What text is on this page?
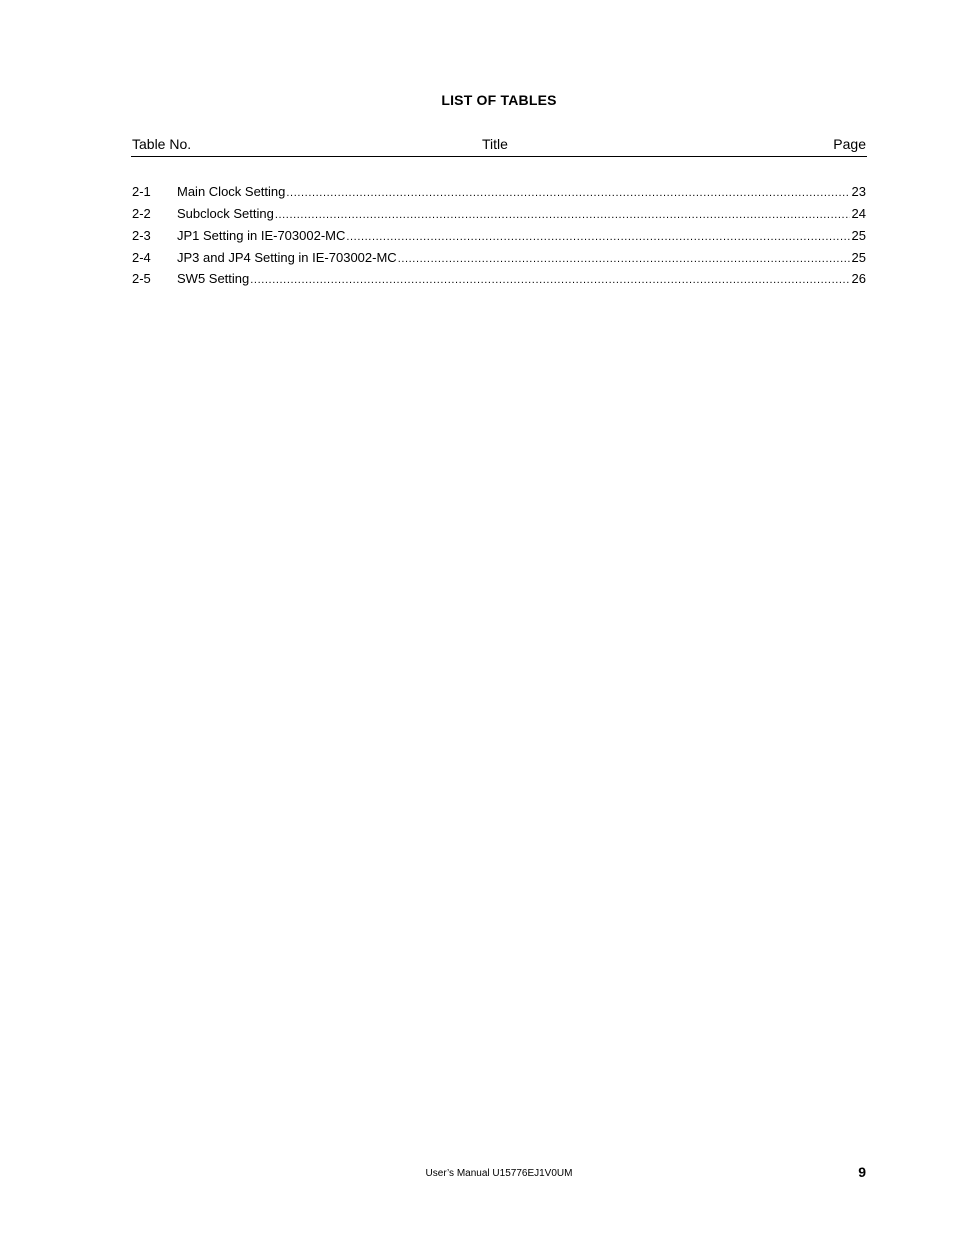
LIST OF TABLES
Table No.	Title	Page
2-1	Main Clock Setting .....	23
2-2	Subclock Setting .....	24
2-3	JP1 Setting in IE-703002-MC .....	25
2-4	JP3 and JP4 Setting in IE-703002-MC .....	25
2-5	SW5 Setting .....	26
User’s Manual U15776EJ1V0UM	9
